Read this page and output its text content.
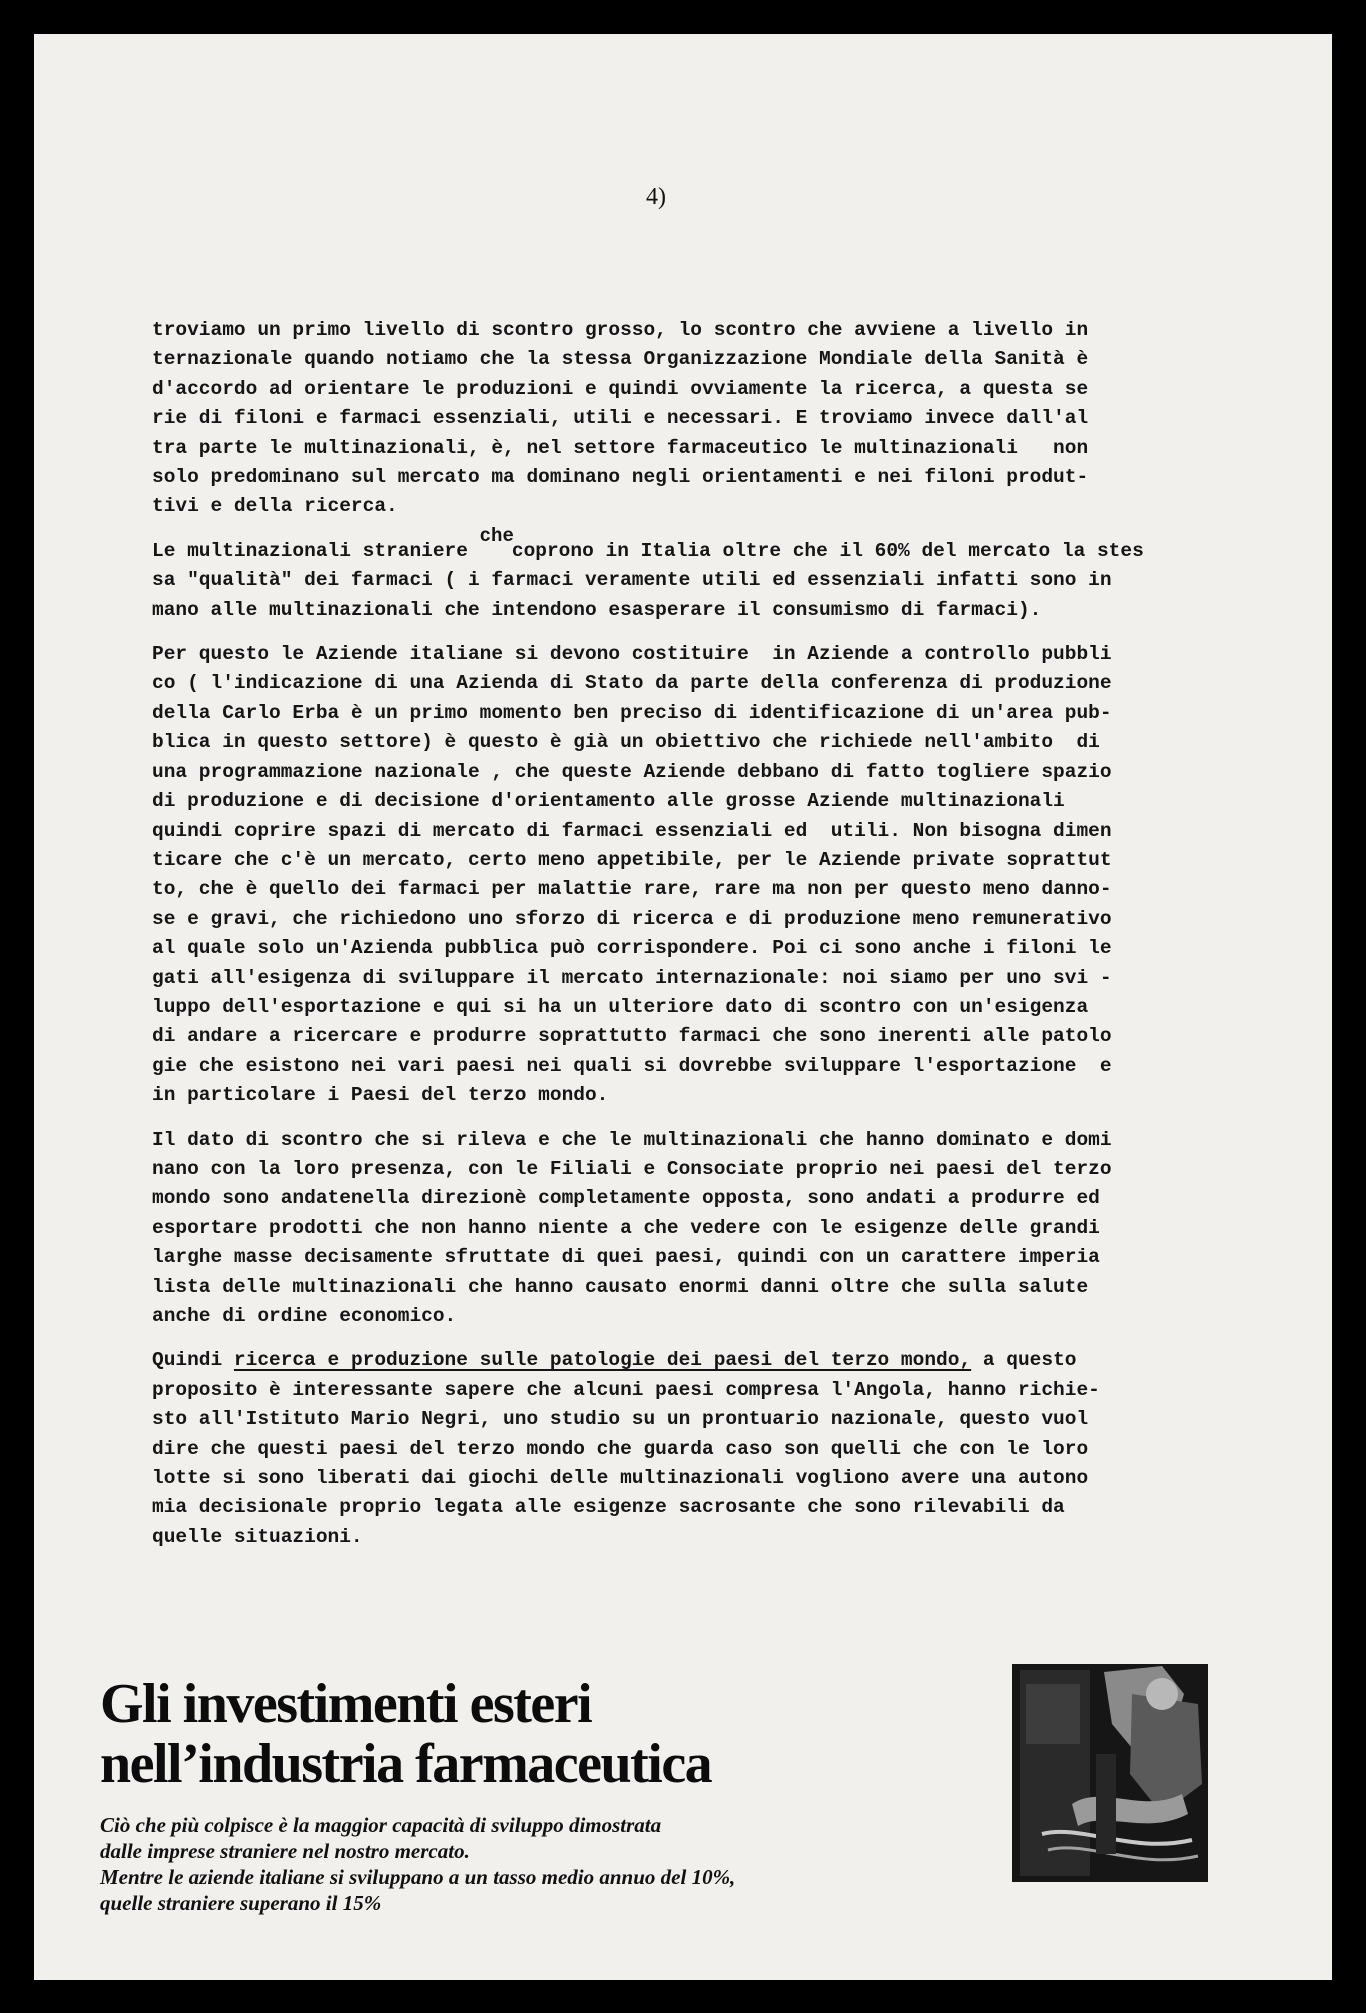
4)
troviamo un primo livello di scontro grosso, lo scontro che avviene a livello in
ternazionale quando notiamo che la stessa Organizzazione Mondiale della Sanità è
d'accordo ad orientare le produzioni e quindi ovviamente la ricerca, a questa se
rie di filoni e farmaci essenziali, utili e necessari. E troviamo invece dall'al
tra parte le multinazionali, è, nel settore farmaceutico le multinazionali   non
solo predominano sul mercato ma dominano negli orientamenti e nei filoni produt-
tivi e della ricerca.
Le multinazionali straniere checoprono in Italia oltre che il 60% del mercato la stes
sa "qualità" dei farmaci ( i farmaci veramente utili ed essenziali infatti sono in
mano alle multinazionali che intendono esasperare il consumismo di farmaci).
Per questo le Aziende italiane si devono costituire  in Aziende a controllo pubbli
co ( l'indicazione di una Azienda di Stato da parte della conferenza di produzione
della Carlo Erba è un primo momento ben preciso di identificazione di un'area pub-
blica in questo settore) è questo è già un obiettivo che richiede nell'ambito  di
una programmazione nazionale , che queste Aziende debbano di fatto togliere spazio
di produzione e di decisione d'orientamento alle grosse Aziende multinazionali
quindi coprire spazi di mercato di farmaci essenziali ed  utili. Non bisogna dimen
ticare che c'è un mercato, certo meno appetibile, per le Aziende private soprattut
to, che è quello dei farmaci per malattie rare, rare ma non per questo meno danno-
se e gravi, che richiedono uno sforzo di ricerca e di produzione meno remunerativo
al quale solo un'Azienda pubblica può corrispondere. Poi ci sono anche i filoni le
gati all'esigenza di sviluppare il mercato internazionale: noi siamo per uno svi -
luppo dell'esportazione e qui si ha un ulteriore dato di scontro con un'esigenza
di andare a ricercare e produrre soprattutto farmaci che sono inerenti alle patolo
gie che esistono nei vari paesi nei quali si dovrebbe sviluppare l'esportazione  e
in particolare i Paesi del terzo mondo.
Il dato di scontro che si rileva e che le multinazionali che hanno dominato e domi
nano con la loro presenza, con le Filiali e Consociate proprio nei paesi del terzo
mondo sono andatenella direzionè completamente opposta, sono andati a produrre ed
esportare prodotti che non hanno niente a che vedere con le esigenze delle grandi
larghe masse decisamente sfruttate di quei paesi, quindi con un carattere imperia
lista delle multinazionali che hanno causato enormi danni oltre che sulla salute
anche di ordine economico.
Quindi ricerca e produzione sulle patologie dei paesi del terzo mondo, a questo
proposito è interessante sapere che alcuni paesi compresa l'Angola, hanno richie-
sto all'Istituto Mario Negri, uno studio su un prontuario nazionale, questo vuol
dire che questi paesi del terzo mondo che guarda caso son quelli che con le loro
lotte si sono liberati dai giochi delle multinazionali vogliono avere una autono
mia decisionale proprio legata alle esigenze sacrosante che sono rilevabili da
quelle situazioni.
Gli investimenti esteri
nell’industria farmaceutica
Ciò che più colpisce è la maggior capacità di sviluppo dimostrata
dalle imprese straniere nel nostro mercato.
Mentre le aziende italiane si sviluppano a un tasso medio annuo del 10%,
quelle straniere superano il 15%
